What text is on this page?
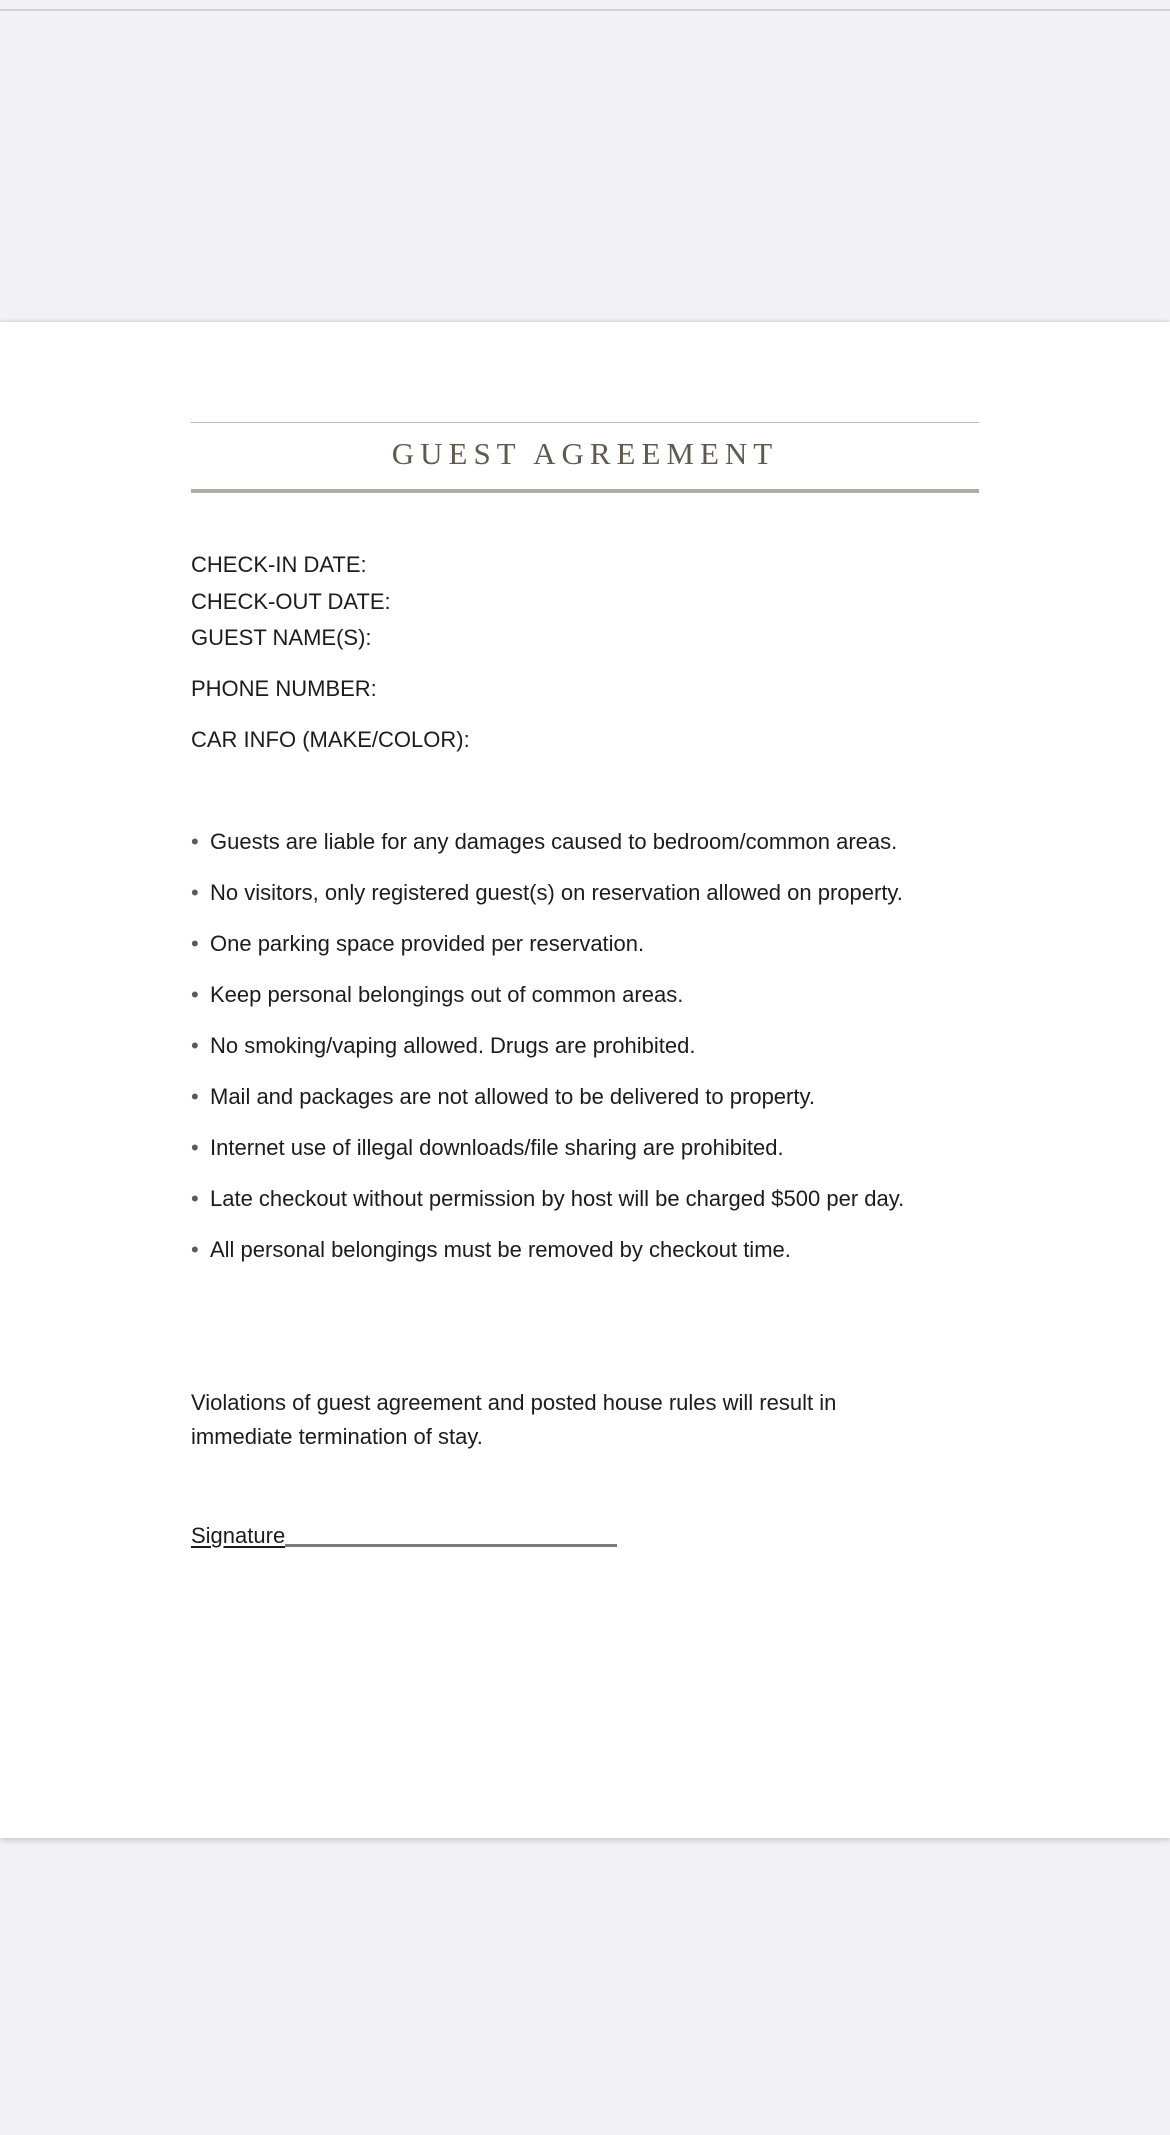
GUEST AGREEMENT
CHECK-IN DATE:
CHECK-OUT DATE:
GUEST NAME(S):
PHONE NUMBER:
CAR INFO (MAKE/COLOR):
• Guests are liable for any damages caused to bedroom/common areas.
• No visitors, only registered guest(s) on reservation allowed on property.
• One parking space provided per reservation.
• Keep personal belongings out of common areas.
• No smoking/vaping allowed. Drugs are prohibited.
• Mail and packages are not allowed to be delivered to property.
• Internet use of illegal downloads/file sharing are prohibited.
• Late checkout without permission by host will be charged $500 per day.
• All personal belongings must be removed by checkout time.
Violations of guest agreement and posted house rules will result in immediate termination of stay.
Signature
